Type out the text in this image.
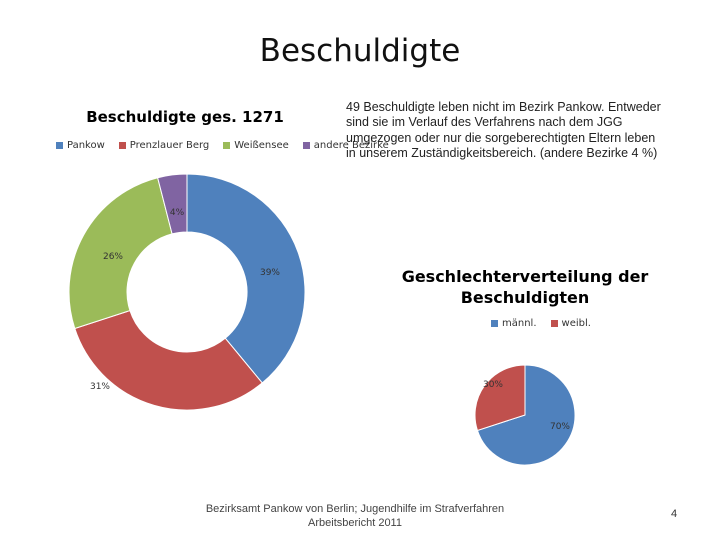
Beschuldigte
Beschuldigte ges. 1271
Pankow	Prenzlauer Berg	Weißensee	andere Bezirke
49 Beschuldigte leben nicht im Bezirk Pankow. Entweder sind sie im Verlauf des Verfahrens nach dem JGG umgezogen oder nur die sorgeberechtigten Eltern leben in unserem Zuständigkeitsbereich. (andere Bezirke 4 %)
39%
31%
26%
4%
Geschlechterverteilung der Beschuldigten
männl.	weibl.
70%
30%
Bezirksamt Pankow von Berlin; Jugendhilfe im Strafverfahren
Arbeitsbericht 2011
4
